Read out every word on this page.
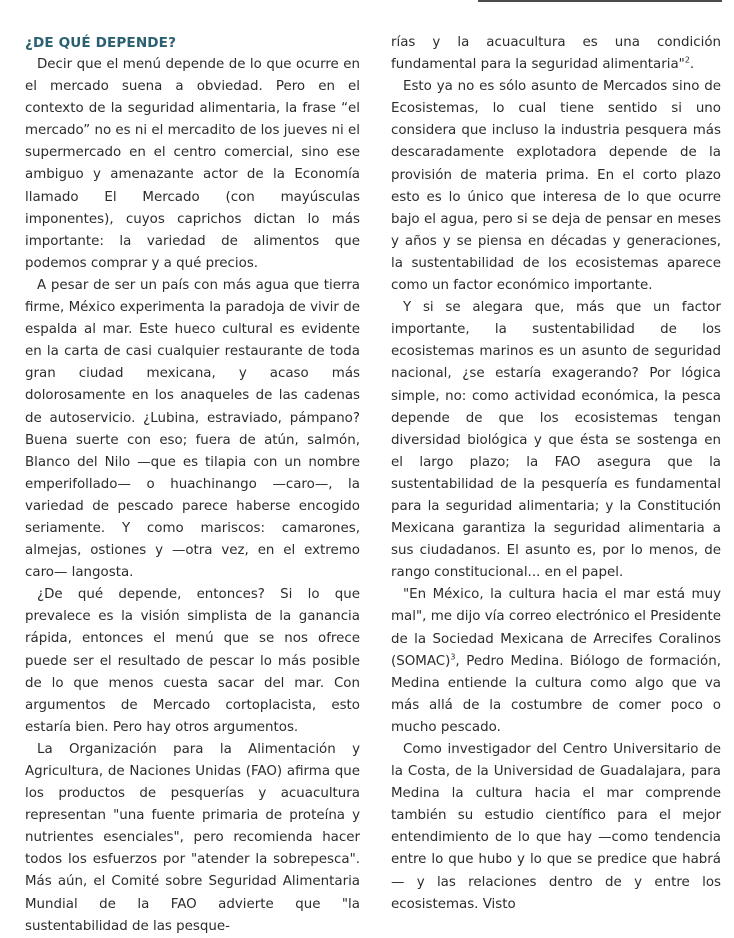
¿DE QUÉ DEPENDE?

Decir que el menú depende de lo que ocurre en el mercado suena a obviedad. Pero en el contexto de la seguridad alimentaria, la frase “el mercado” no es ni el mercadito de los jueves ni el supermercado en el centro comercial, sino ese ambiguo y amenazante actor de la Economía llamado El Mercado (con mayúsculas imponentes), cuyos caprichos dictan lo más importante: la variedad de alimentos que podemos comprar y a qué precios.

A pesar de ser un país con más agua que tierra firme, México experimenta la paradoja de vivir de espalda al mar. Este hueco cultural es evidente en la carta de casi cualquier restaurante de toda gran ciudad mexicana, y acaso más dolorosamente en los anaqueles de las cadenas de autoservicio. ¿Lubina, estraviado, pámpano? Buena suerte con eso; fuera de atún, salmón, Blanco del Nilo —que es tilapia con un nombre emperifollado— o huachinango —caro—, la variedad de pescado parece haberse encogido seriamente. Y como mariscos: camarones, almejas, ostiones y —otra vez, en el extremo caro— langosta.

¿De qué depende, entonces? Si lo que prevalece es la visión simplista de la ganancia rápida, entonces el menú que se nos ofrece puede ser el resultado de pescar lo más posible de lo que menos cuesta sacar del mar. Con argumentos de Mercado cortoplacista, esto estaría bien. Pero hay otros argumentos.

La Organización para la Alimentación y Agricultura, de Naciones Unidas (FAO) afirma que los productos de pesquerías y acuacultura representan "una fuente primaria de proteína y nutrientes esenciales", pero recomienda hacer todos los esfuerzos por "atender la sobrepesca". Más aún, el Comité sobre Seguridad Alimentaria Mundial de la FAO advierte que "la sustentabilidad de las pesque-

rías y la acuacultura es una condición fundamental para la seguridad alimentaria"$^2$.

Esto ya no es sólo asunto de Mercados sino de Ecosistemas, lo cual tiene sentido si uno considera que incluso la industria pesquera más descaradamente explotadora depende de la provisión de materia prima. En el corto plazo esto es lo único que interesa de lo que ocurre bajo el agua, pero si se deja de pensar en meses y años y se piensa en décadas y generaciones, la sustentabilidad de los ecosistemas aparece como un factor económico importante.

Y si se alegara que, más que un factor importante, la sustentabilidad de los ecosistemas marinos es un asunto de seguridad nacional, ¿se estaría exagerando? Por lógica simple, no: como actividad económica, la pesca depende de que los ecosistemas tengan diversidad biológica y que ésta se sostenga en el largo plazo; la FAO asegura que la sustentabilidad de la pesquería es fundamental para la seguridad alimentaria; y la Constitución Mexicana garantiza la seguridad alimentaria a sus ciudadanos. El asunto es, por lo menos, de rango constitucional... en el papel.

"En México, la cultura hacia el mar está muy mal", me dijo vía correo electrónico el Presidente de la Sociedad Mexicana de Arrecifes Coralinos (SOMAC)$^3$, Pedro Medina. Biólogo de formación, Medina entiende la cultura como algo que va más allá de la costumbre de comer poco o mucho pescado.

Como investigador del Centro Universitario de la Costa, de la Universidad de Guadalajara, para Medina la cultura hacia el mar comprende también su estudio científico para el mejor entendimiento de lo que hay —como tendencia entre lo que hubo y lo que se predice que habrá— y las relaciones dentro de y entre los ecosistemas. Visto
